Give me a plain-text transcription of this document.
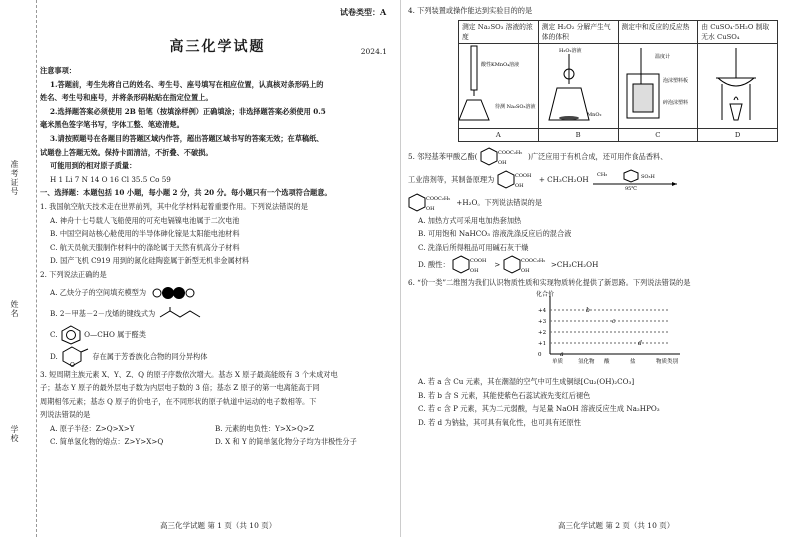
准考证号
姓名
学校
试卷类型：A
高三化学试题	2024.1
注意事项：
1.答题前，考生先将自己的姓名、考生号、座号填写在相应位置，认真核对条形码上的
姓名、考生号和座号，并将条形码粘贴在指定位置上。
2.选择题答案必须使用 2B 铅笔（按填涂样例）正确填涂；非选择题答案必须使用 0.5
毫米黑色签字笔书写，字体工整、笔迹清楚。
3.请按照题号在各题目的答题区域内作答，超出答题区域书写的答案无效；在草稿纸、
试题卷上答题无效。保持卡面清洁，不折叠、不破损。
可能用到的相对原子质量：
H 1 Li 7 N 14 O 16 Cl 35.5 Co 59
一、选择题：本题包括 10 小题，每小题 2 分，共 20 分。每小题只有一个选项符合题意。
1. 我国航空航天技术走在世界前列，其中化学材料起着重要作用。下列说法错误的是
A. 神舟十七号载人飞船使用的可充电镉镍电池属于二次电池
B. 中国空间站核心舱使用的半导体砷化镓是太阳能电池材料
C. 航天员航天服制作材料中的涤纶属于天然有机高分子材料
D. 国产飞机 C919 用到的氮化硅陶瓷属于新型无机非金属材料
2. 下列说法正确的是
A. 乙炔分子的空间填充模型为
B. 2－甲基－2－戊烯的键线式为
C.	O—CHO 属于醛类
D.
O
存在属于芳香族化合物的同分异构体
3. 短周期主族元素 X、Y、Z、Q 的原子序数依次增大。基态 X 原子最高能级有 3 个未成对电
子；基态 Y 原子的最外层电子数为内层电子数的 3 倍；基态 Z 原子的第一电离能高于同
周期相邻元素；基态 Q 原子的价电子，在不同形状的原子轨道中运动的电子数相等。下
列说法错误的是
A. 原子半径：Z>Q>X>Y	B. 元素的电负性：Y>X>Q>Z
C. 简单氢化物的熔点：Z>Y>X>Q	D. X 和 Y 的简单氢化物分子均为非极性分子
高三化学试题 第 1 页（共 10 页）
4. 下列装置或操作能达到实验目的的是
测定 Na₂SO₃ 溶液的浓度	测定 H₂O₂ 分解产生气体的体积	测定中和反应的反应热	由 CuSO₄·5H₂O 制取无水 CuSO₄

酸性KMnO₄溶液
待测 Na₂SO₃溶液	H₂O₂溶液
MnO₂	温度计
泡沫塑料板
碎泡沫塑料

A	B	C	D
5. 邻羟基苯甲酸乙酯(	COOC₂H₅
OH
)广泛应用于有机合成，还可用作食品香料、
工业溶剂等，其制备原理为	COOH
OH
+ CH₃CH₂OH CH₃	SO₃H
95℃
COOC₂H₅
OH
+H₂O。下列说法错误的是
A. 加热方式可采用电加热套加热
B. 可用饱和 NaHCO₃ 溶液洗涤反应后的混合液
C. 洗涤后所得粗品可用碱石灰干燥
D. 酸性：	COOH
OH
>	COOC₂H₅
OH
>CH₃CH₂OH
6. “价一类”二维图为我们认识物质性质和实现物质转化提供了新思路。下列说法错误的是
化合价
+4
+3
+2
+1
0
单质	氢化物 酸	盐	物质类别
a
b
c
d
A. 若 a 含 Cu 元素，其在潮湿的空气中可生成铜绿[Cu₂(OH)₂CO₃]
B. 若 b 含 S 元素，其能使紫色石蕊试液先变红后褪色
C. 若 c 含 P 元素，其为二元弱酸，与足量 NaOH 溶液反应生成 Na₂HPO₃
D. 若 d 为钠盐，其可具有氧化性，也可具有还原性
高三化学试题 第 2 页（共 10 页）
